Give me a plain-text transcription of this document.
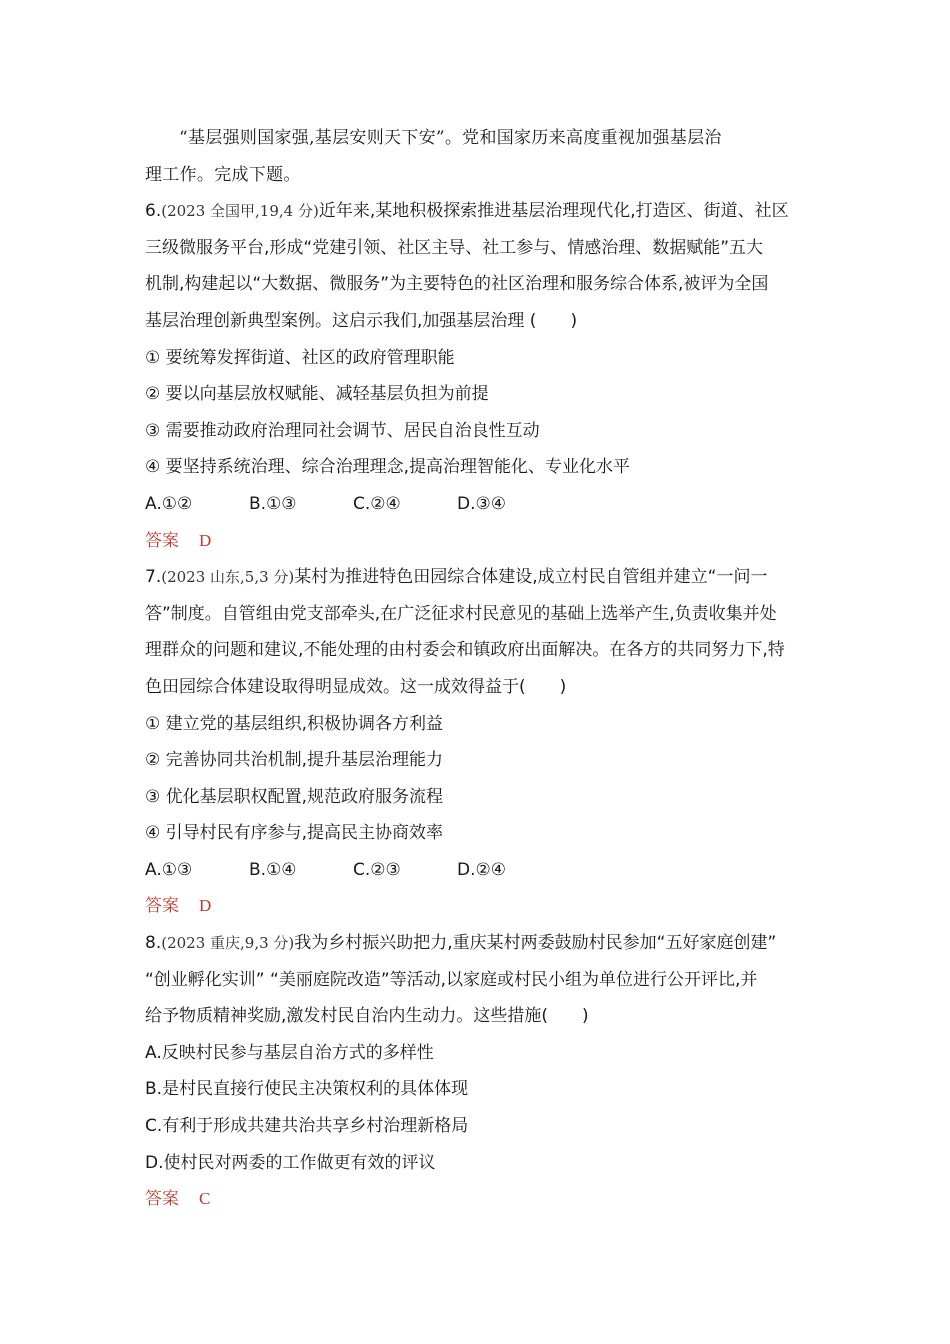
“基层强则国家强,基层安则天下安”。党和国家历来高度重视加强基层治
理工作。完成下题。
6.(2023 全国甲,19,4 分)近年来,某地积极探索推进基层治理现代化,打造区、街道、社区
三级微服务平台,形成“党建引领、社区主导、社工参与、情感治理、数据赋能”五大
机制,构建起以“大数据、微服务”为主要特色的社区治理和服务综合体系,被评为全国
基层治理创新典型案例。这启示我们,加强基层治理 ( )
① 要统筹发挥街道、社区的政府管理职能
② 要以向基层放权赋能、减轻基层负担为前提
③ 需要推动政府治理同社会调节、居民自治良性互动
④ 要坚持系统治理、综合治理理念,提高治理智能化、专业化水平
A.①②	B.①③	C.②④	D.③④
答案 D
7.(2023 山东,5,3 分)某村为推进特色田园综合体建设,成立村民自管组并建立“一问一
答”制度。自管组由党支部牵头,在广泛征求村民意见的基础上选举产生,负责收集并处
理群众的问题和建议,不能处理的由村委会和镇政府出面解决。在各方的共同努力下,特
色田园综合体建设取得明显成效。这一成效得益于( )
① 建立党的基层组织,积极协调各方利益
② 完善协同共治机制,提升基层治理能力
③ 优化基层职权配置,规范政府服务流程
④ 引导村民有序参与,提高民主协商效率
A.①③	B.①④	C.②③	D.②④
答案 D
8.(2023 重庆,9,3 分)我为乡村振兴助把力,重庆某村两委鼓励村民参加“五好家庭创建”
“创业孵化实训” “美丽庭院改造”等活动,以家庭或村民小组为单位进行公开评比,并
给予物质精神奖励,激发村民自治内生动力。这些措施( )
A.反映村民参与基层自治方式的多样性
B.是村民直接行使民主决策权利的具体体现
C.有利于形成共建共治共享乡村治理新格局
D.使村民对两委的工作做更有效的评议
答案 C
